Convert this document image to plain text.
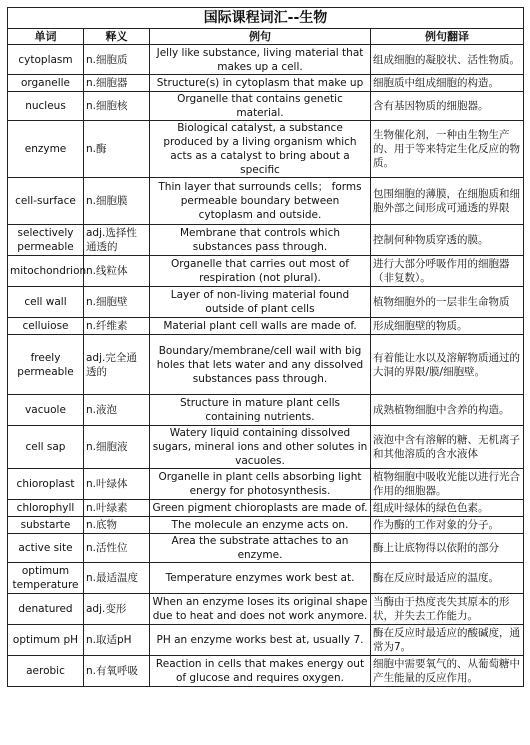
国际课程词汇--生物			
单词	释义	例句	例句翻译
cytoplasm	n.细胞质	Jelly like substance, living material that makes up a cell.	组成细胞的凝胶状、活性物质。
organelle	n.细胞器	Structure(s) in cytoplasm that make up	细胞质中组成细胞的构造。
nucleus	n.细胞核	Organelle that contains genetic material.	含有基因物质的细胞器。
enzyme	n.酶	Biological catalyst, a substance produced by a living organism which acts as a catalyst to bring about a specific	生物催化剂，一种由生物生产的、用于等来特定生化反应的物质。
cell-surface	n.细胞膜	Thin layer that surrounds cells； forms permeable boundary between cytoplasm and outside.	包围细胞的薄膜，在细胞质和细胞外部之间形成可通透的界限
selectively permeable	adj.选择性通透的	Membrane that controls which substances pass through.	控制何种物质穿透的膜。
mitochondrion	n.线粒体	Organelle that carries out most of respiration (not plural).	进行大部分呼吸作用的细胞器（非复数）。
cell wall	n.细胞壁	Layer of non-living material found outside of plant cells	植物细胞外的一层非生命物质
celluiose	n.纤维素	Material plant cell walls are made of.	形成细胞壁的物质。
freely permeable	adj.完全通透的	Boundary/membrane/cell wail with big holes that lets water and any dissolved substances pass through.	有着能让水以及溶解物质通过的大洞的界限/膜/细胞壁。
vacuole	n.液泡	Structure in mature plant cells containing nutrients.	成熟植物细胞中含养的构造。
cell sap	n.细胞液	Watery liquid containing dissolved sugars, mineral ions and other solutes in vacuoles.	液泡中含有溶解的糖、无机离子和其他溶质的含水液体
chioroplast	n.叶绿体	Organelle in plant cells absorbing light energy for photosynthesis.	植物细胞中吸收光能以进行光合作用的细胞器。
chlorophyll	n.叶绿素	Green pigment chioroplasts are made of.	组成叶绿体的绿色色素。
substarte	n.底物	The molecule an enzyme acts on.	作为酶的工作对象的分子。
active site	n.活性位	Area the substrate attaches to an enzyme.	酶上让底物得以依附的部分
optimum temperature	n.最适温度	Temperature enzymes work best at.	酶在反应时最适应的温度。
denatured	adj.变形	When an enzyme loses its original shape due to heat and does not work anymore.	当酶由于热度丧失其原本的形状，并失去工作能力。
optimum pH	n.取适pH	PH an enzyme works best at, usually 7.	酶在反应时最适应的酸碱度，通常为7。
aerobic	n.有氧呼吸	Reaction in cells that makes energy out of glucose and requires oxygen.	细胞中需要氧气的、从葡萄糖中产生能量的反应作用。
